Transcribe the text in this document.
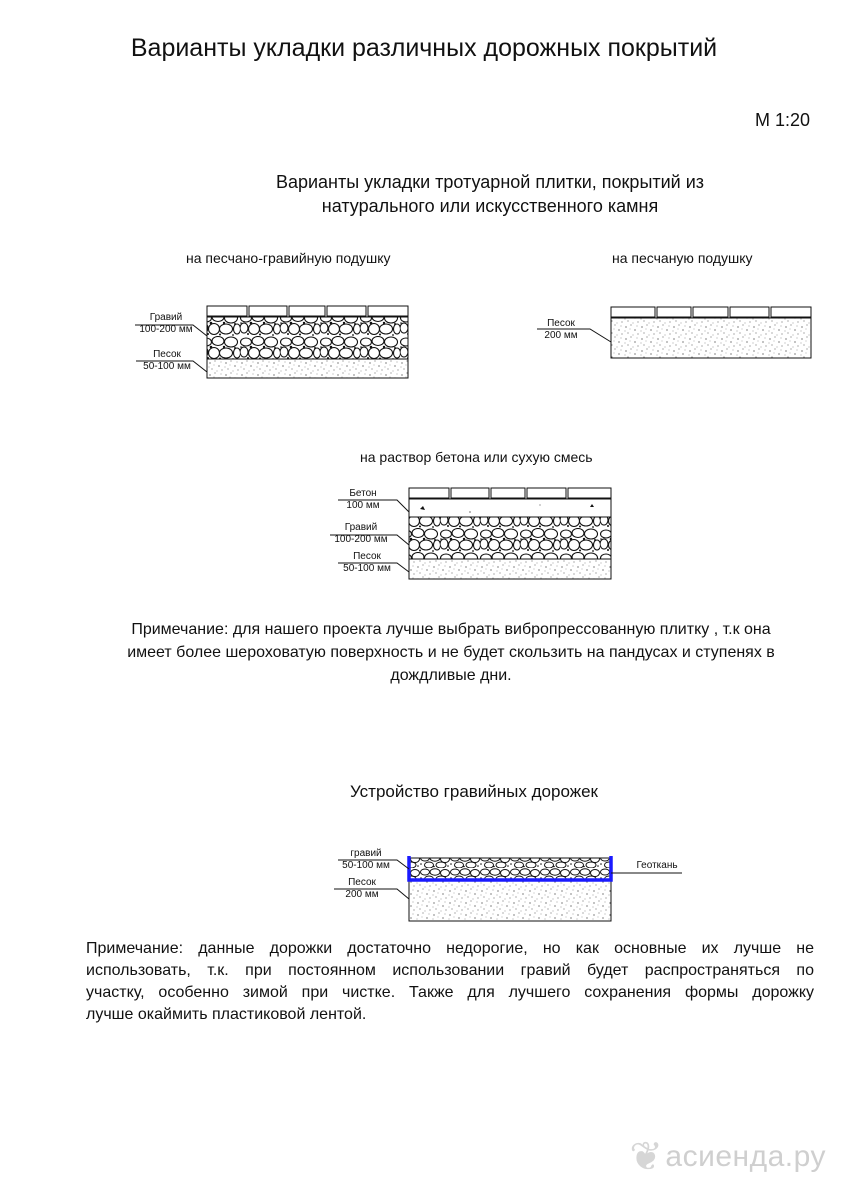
Варианты укладки различных дорожных покрытий
М 1:20
Варианты укладки тротуарной плитки, покрытий из
натурального или искусственного камня
на песчано-гравийную подушку	на песчаную подушку
на раствор бетона или сухую смесь
Устройство гравийных дорожек
Гравий
100-200 мм
Песок
50-100 мм
Песок
200 мм
Бетон
100 мм
Гравий
100-200 мм
Песок
50-100 мм
Примечание: для нашего проекта лучше выбрать вибропрессованную плитку , т.к она
имеет более шероховатую поверхность и не будет скользить на пандусах и ступенях в
дождливые дни.
гравий
50-100 мм
Песок
200 мм
Геоткань
Примечание: данные дорожки достаточно недорогие, но как основные их лучше не
использовать, т.к. при постоянном использовании гравий будет распространяться по
участку, особенно зимой при чистке. Также для лучшего сохранения формы дорожку
лучше окаймить пластиковой лентой.
❦асиенда.ру
